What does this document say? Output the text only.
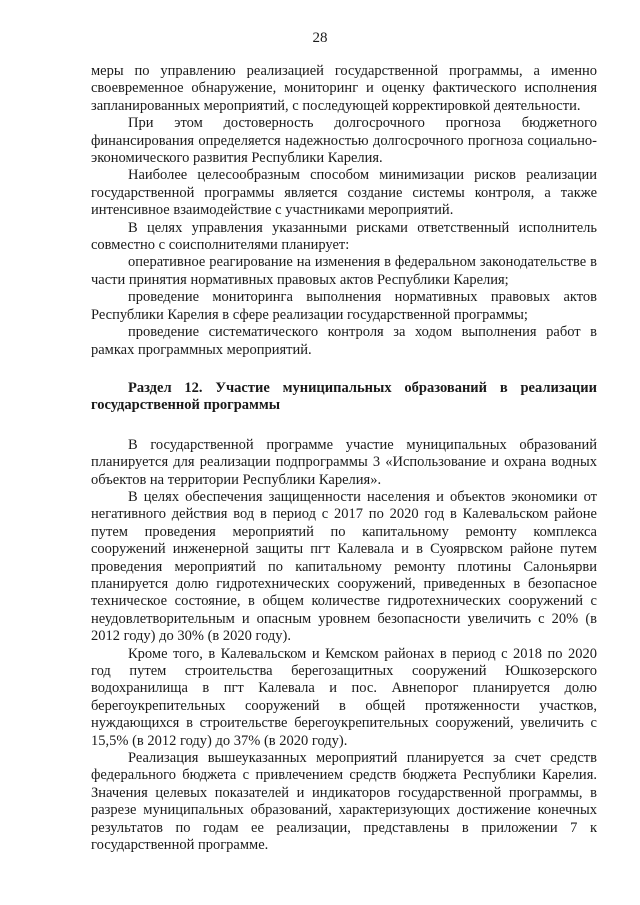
28

меры по управлению реализацией государственной программы, а именно своевременное обнаружение, мониторинг и оценку фактического исполнения запланированных мероприятий, с последующей корректировкой деятельности.

При этом достоверность долгосрочного прогноза бюджетного финансирования определяется надежностью долгосрочного прогноза социально-экономического развития Республики Карелия.

Наиболее целесообразным способом минимизации рисков реализации государственной программы является создание системы контроля, а также интенсивное взаимодействие с участниками мероприятий.

В целях управления указанными рисками ответственный исполнитель совместно с соисполнителями планирует:

оперативное реагирование на изменения в федеральном законодательстве в части принятия нормативных правовых актов Республики Карелия;

проведение мониторинга выполнения нормативных правовых актов Республики Карелия в сфере реализации государственной программы;

проведение систематического контроля за ходом выполнения работ в рамках программных мероприятий.

Раздел 12. Участие муниципальных образований в реализации государственной программы

В государственной программе участие муниципальных образований планируется для реализации подпрограммы 3 «Использование и охрана водных объектов на территории Республики Карелия».

В целях обеспечения защищенности населения и объектов экономики от негативного действия вод в период с 2017 по 2020 год в Калевальском районе путем проведения мероприятий по капитальному ремонту комплекса сооружений инженерной защиты пгт Калевала и в Суоярвском районе путем проведения мероприятий по капитальному ремонту плотины Салоньярви планируется долю гидротехнических сооружений, приведенных в безопасное техническое состояние, в общем количестве гидротехнических сооружений с неудовлетворительным и опасным уровнем безопасности увеличить с 20% (в 2012 году) до 30% (в 2020 году).

Кроме того, в Калевальском и Кемском районах в период с 2018 по 2020 год путем строительства берегозащитных сооружений Юшкозерского водохранилища в пгт Калевала и пос. Авнепорог планируется долю берегоукрепительных сооружений в общей протяженности участков, нуждающихся в строительстве берегоукрепительных сооружений, увеличить с 15,5% (в 2012 году) до 37% (в 2020 году).

Реализация вышеуказанных мероприятий планируется за счет средств федерального бюджета с привлечением средств бюджета Республики Карелия. Значения целевых показателей и индикаторов государственной программы, в разрезе муниципальных образований, характеризующих достижение конечных результатов по годам ее реализации, представлены в приложении 7 к государственной программе.
